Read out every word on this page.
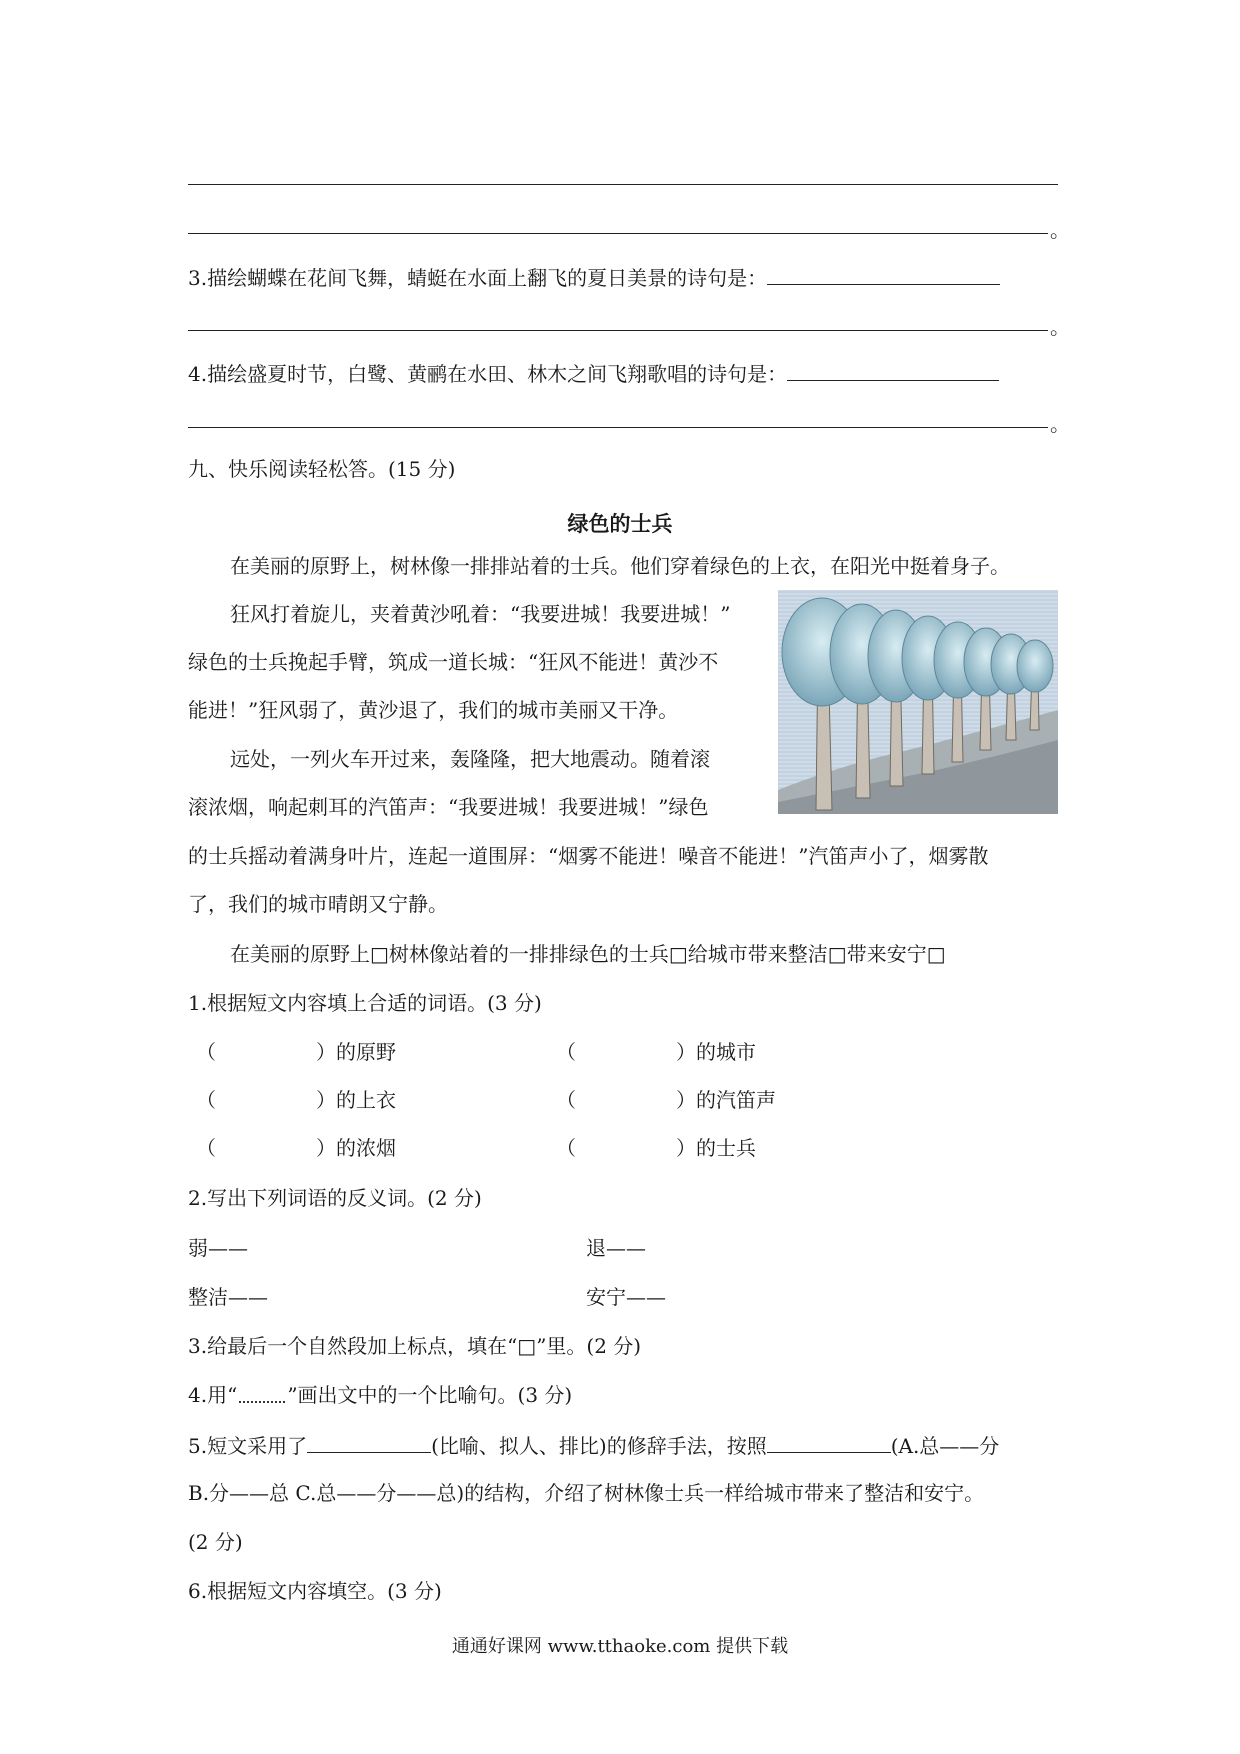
。
3.描绘蝴蝶在花间飞舞，蜻蜓在水面上翻飞的夏日美景的诗句是：
。
4.描绘盛夏时节，白鹭、黄鹂在水田、林木之间飞翔歌唱的诗句是：
。
九、快乐阅读轻松答。(15 分)
绿色的士兵
在美丽的原野上，树林像一排排站着的士兵。他们穿着绿色的上衣，在阳光中挺着身子。
狂风打着旋儿，夹着黄沙吼着：“我要进城！我要进城！”
绿色的士兵挽起手臂，筑成一道长城：“狂风不能进！黄沙不
能进！”狂风弱了，黄沙退了，我们的城市美丽又干净。
远处，一列火车开过来，轰隆隆，把大地震动。随着滚
滚浓烟，响起刺耳的汽笛声：“我要进城！我要进城！”绿色
的士兵摇动着满身叶片，连起一道围屏：“烟雾不能进！噪音不能进！”汽笛声小了，烟雾散
了，我们的城市晴朗又宁静。
在美丽的原野上□树林像站着的一排排绿色的士兵□给城市带来整洁□带来安宁□
1.根据短文内容填上合适的词语。(3 分)
（　　　　　）的原野	（　　　　　）的城市
（　　　　　）的上衣	（　　　　　）的汽笛声
（　　　　　）的浓烟	（　　　　　）的士兵
2.写出下列词语的反义词。(2 分)
弱——	退——
整洁——	安宁——
3.给最后一个自然段加上标点，填在“□”里。(2 分)
4.用“	”画出文中的一个比喻句。(3 分)
5.短文采用了	(比喻、拟人、排比)的修辞手法，按照	(A.总——分
B.分——总 C.总——分——总)的结构，介绍了树林像士兵一样给城市带来了整洁和安宁。
(2 分)
6.根据短文内容填空。(3 分)
通通好课网 www.tthaoke.com 提供下载
